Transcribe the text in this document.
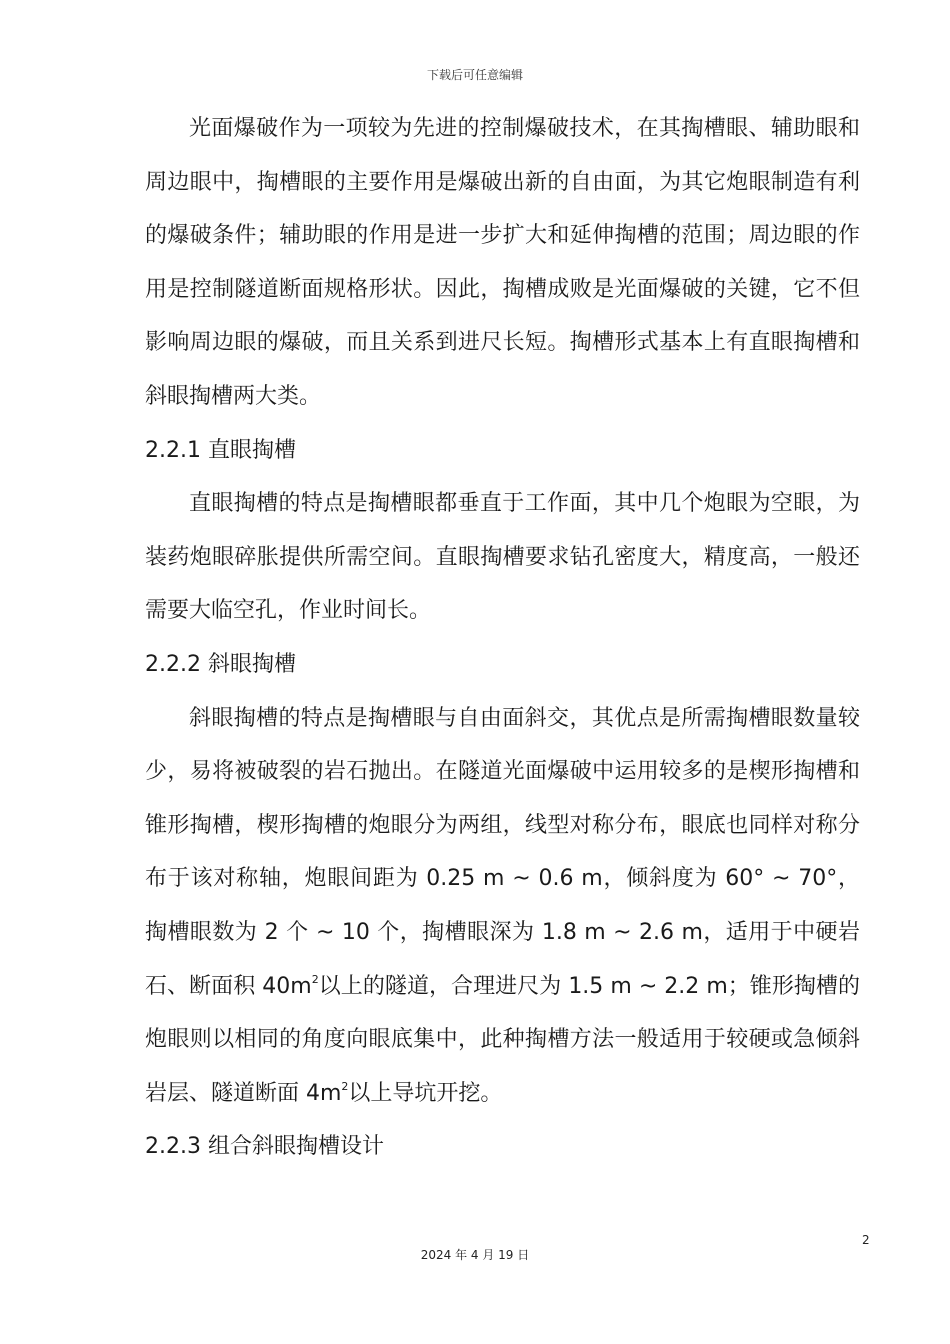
下载后可任意编辑

光面爆破作为一项较为先进的控制爆破技术，在其掏槽眼、辅助眼和周边眼中，掏槽眼的主要作用是爆破出新的自由面，为其它炮眼制造有利的爆破条件；辅助眼的作用是进一步扩大和延伸掏槽的范围；周边眼的作用是控制隧道断面规格形状。因此，掏槽成败是光面爆破的关键，它不但影响周边眼的爆破，而且关系到进尺长短。掏槽形式基本上有直眼掏槽和斜眼掏槽两大类。

2.2.1 直眼掏槽

直眼掏槽的特点是掏槽眼都垂直于工作面，其中几个炮眼为空眼，为装药炮眼碎胀提供所需空间。直眼掏槽要求钻孔密度大，精度高，一般还需要大临空孔，作业时间长。

2.2.2 斜眼掏槽

斜眼掏槽的特点是掏槽眼与自由面斜交，其优点是所需掏槽眼数量较少，易将被破裂的岩石抛出。在隧道光面爆破中运用较多的是楔形掏槽和锥形掏槽，楔形掏槽的炮眼分为两组，线型对称分布，眼底也同样对称分布于该对称轴，炮眼间距为 0.25 m ~ 0.6 m，倾斜度为 60° ~ 70°，掏槽眼数为 2 个 ~ 10 个，掏槽眼深为 1.8 m ~ 2.6 m，适用于中硬岩石、断面积 $40m^2$以上的隧道，合理进尺为 1.5 m ~ 2.2 m；锥形掏槽的炮眼则以相同的角度向眼底集中，此种掏槽方法一般适用于较硬或急倾斜岩层、隧道断面 $4m^2$以上导坑开挖。

2.2.3 组合斜眼掏槽设计

2
2024 年 4 月 19 日
